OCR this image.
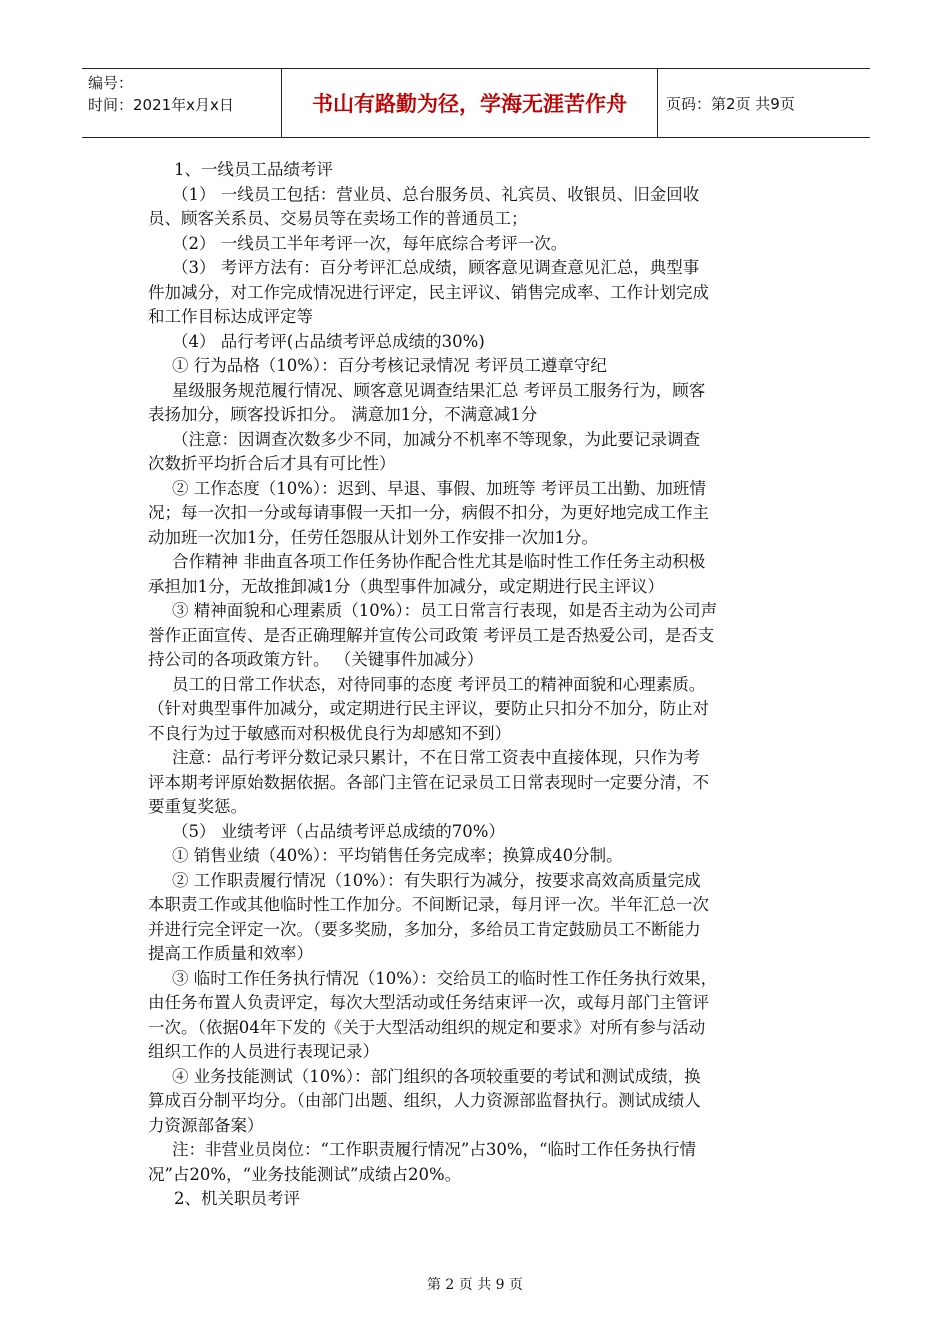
编号：
时间：2021年x月x日	书山有路勤为径，学海无涯苦作舟	页码：第2页 共9页
1、一线员工品绩考评
（1） 一线员工包括：营业员、总台服务员、礼宾员、收银员、旧金回收
员、顾客关系员、交易员等在卖场工作的普通员工；
（2） 一线员工半年考评一次，每年底综合考评一次。
（3） 考评方法有：百分考评汇总成绩，顾客意见调查意见汇总，典型事
件加减分，对工作完成情况进行评定，民主评议、销售完成率、工作计划完成
和工作目标达成评定等
（4） 品行考评(占品绩考评总成绩的30%)
① 行为品格（10%）：百分考核记录情况 考评员工遵章守纪
星级服务规范履行情况、顾客意见调查结果汇总 考评员工服务行为，顾客
表扬加分，顾客投诉扣分。 满意加1分，不满意减1分
（注意：因调查次数多少不同，加减分不机率不等现象，为此要记录调查
次数折平均折合后才具有可比性）
② 工作态度（10%）：迟到、早退、事假、加班等 考评员工出勤、加班情
况；每一次扣一分或每请事假一天扣一分，病假不扣分，为更好地完成工作主
动加班一次加1分，任劳任怨服从计划外工作安排一次加1分。
合作精神 非曲直各项工作任务协作配合性尤其是临时性工作任务主动积极
承担加1分，无故推卸减1分（典型事件加减分，或定期进行民主评议）
③ 精神面貌和心理素质（10%）：员工日常言行表现，如是否主动为公司声
誉作正面宣传、是否正确理解并宣传公司政策 考评员工是否热爱公司，是否支
持公司的各项政策方针。 （关键事件加减分）
员工的日常工作状态，对待同事的态度 考评员工的精神面貌和心理素质。
（针对典型事件加减分，或定期进行民主评议，要防止只扣分不加分，防止对
不良行为过于敏感而对积极优良行为却感知不到）
注意：品行考评分数记录只累计，不在日常工资表中直接体现，只作为考
评本期考评原始数据依据。各部门主管在记录员工日常表现时一定要分清，不
要重复奖惩。
（5） 业绩考评（占品绩考评总成绩的70%）
① 销售业绩（40%）：平均销售任务完成率；换算成40分制。
② 工作职责履行情况（10%）：有失职行为减分，按要求高效高质量完成
本职责工作或其他临时性工作加分。不间断记录，每月评一次。半年汇总一次
并进行完全评定一次。（要多奖励，多加分，多给员工肯定鼓励员工不断能力
提高工作质量和效率）
③ 临时工作任务执行情况（10%）：交给员工的临时性工作任务执行效果，
由任务布置人负责评定，每次大型活动或任务结束评一次，或每月部门主管评
一次。（依据04年下发的《关于大型活动组织的规定和要求》对所有参与活动
组织工作的人员进行表现记录）
④ 业务技能测试（10%）：部门组织的各项较重要的考试和测试成绩，换
算成百分制平均分。（由部门出题、组织，人力资源部监督执行。测试成绩人
力资源部备案）
注：非营业员岗位：“工作职责履行情况”占30%，“临时工作任务执行情
况”占20%，“业务技能测试”成绩占20%。
2、机关职员考评
第 2 页 共 9 页
